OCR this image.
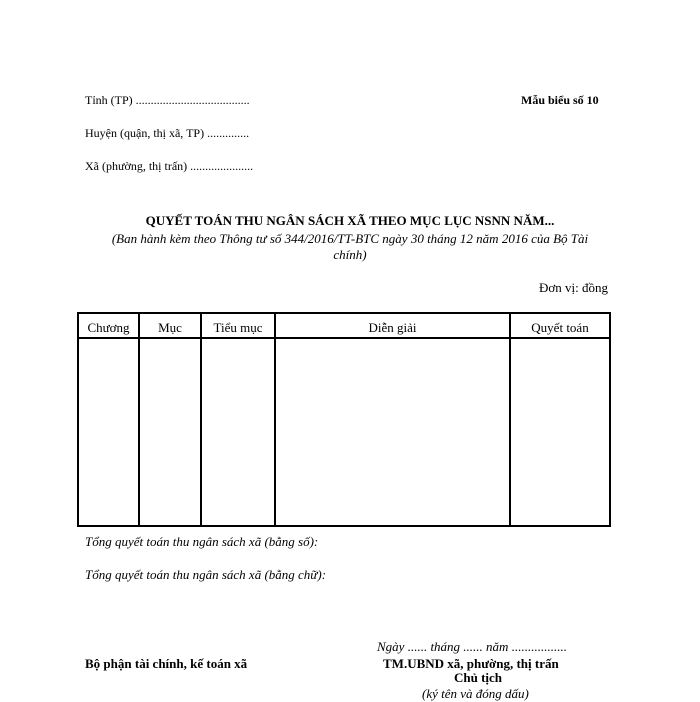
Tỉnh (TP) ......................................	Mẫu biểu số 10
Huyện (quận, thị xã, TP) ..............
Xã (phường, thị trấn) .....................
QUYẾT TOÁN THU NGÂN SÁCH XÃ THEO MỤC LỤC NSNN NĂM...
(Ban hành kèm theo Thông tư số 344/2016/TT-BTC ngày 30 tháng 12 năm 2016 của Bộ Tài
chính)
Đơn vị: đồng
Chương	Mục	Tiểu mục	Diễn giải	Quyết toán

Tổng quyết toán thu ngân sách xã (bằng số):
Tổng quyết toán thu ngân sách xã (bằng chữ):
Ngày ...... tháng ...... năm .................
Bộ phận tài chính, kế toán xã	TM.UBND xã, phường, thị trấn
Chủ tịch
(ký tên và đóng dấu)
